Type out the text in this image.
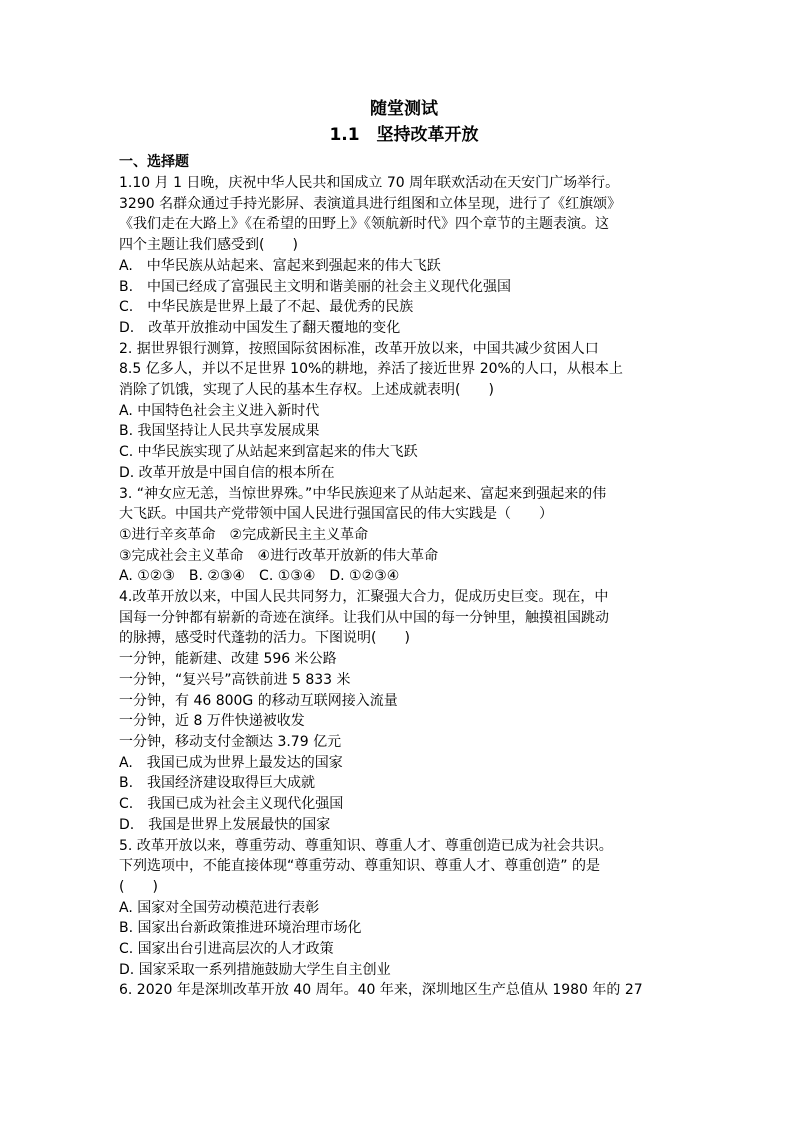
随堂测试
1.1　坚持改革开放
一、选择题
1.10 月 1 日晚，庆祝中华人民共和国成立 70 周年联欢活动在天安门广场举行。
3290 名群众通过手持光影屏、表演道具进行组图和立体呈现，进行了《红旗颂》
《我们走在大路上》《在希望的田野上》《领航新时代》四个章节的主题表演。这
四个主题让我们感受到(　　)
A.　中华民族从站起来、富起来到强起来的伟大飞跃
B.　中国已经成了富强民主文明和谐美丽的社会主义现代化强国
C.　中华民族是世界上最了不起、最优秀的民族
D.　改革开放推动中国发生了翻天覆地的变化
2. 据世界银行测算，按照国际贫困标准，改革开放以来，中国共减少贫困人口
8.5 亿多人，并以不足世界 10%的耕地，养活了接近世界 20%的人口，从根本上
消除了饥饿，实现了人民的基本生存权。上述成就表明(　　)
A. 中国特色社会主义进入新时代
B. 我国坚持让人民共享发展成果
C. 中华民族实现了从站起来到富起来的伟大飞跃
D. 改革开放是中国自信的根本所在
3. “神女应无恙，当惊世界殊。”中华民族迎来了从站起来、富起来到强起来的伟
大飞跃。中国共产党带领中国人民进行强国富民的伟大实践是（　　）
①进行辛亥革命　②完成新民主主义革命
③完成社会主义革命　④进行改革开放新的伟大革命
A. ①②③　B. ②③④　C. ①③④　D. ①②③④
4.改革开放以来，中国人民共同努力，汇聚强大合力，促成历史巨变。现在，中
国每一分钟都有崭新的奇迹在演绎。让我们从中国的每一分钟里，触摸祖国跳动
的脉搏，感受时代蓬勃的活力。下图说明(　　)
一分钟，能新建、改建 596 米公路
一分钟，“复兴号”高铁前进 5 833 米
一分钟，有 46 800G 的移动互联网接入流量
一分钟，近 8 万件快递被收发
一分钟，移动支付金额达 3.79 亿元
A.　我国已成为世界上最发达的国家
B.　我国经济建设取得巨大成就
C.　我国已成为社会主义现代化强国
D.　我国是世界上发展最快的国家
5. 改革开放以来，尊重劳动、尊重知识、尊重人才、尊重创造已成为社会共识。
下列选项中，不能直接体现“尊重劳动、尊重知识、尊重人才、尊重创造” 的是
(　　)
A. 国家对全国劳动模范进行表彰
B. 国家出台新政策推进环境治理市场化
C. 国家出台引进高层次的人才政策
D. 国家采取一系列措施鼓励大学生自主创业
6. 2020 年是深圳改革开放 40 周年。40 年来，深圳地区生产总值从 1980 年的 27
